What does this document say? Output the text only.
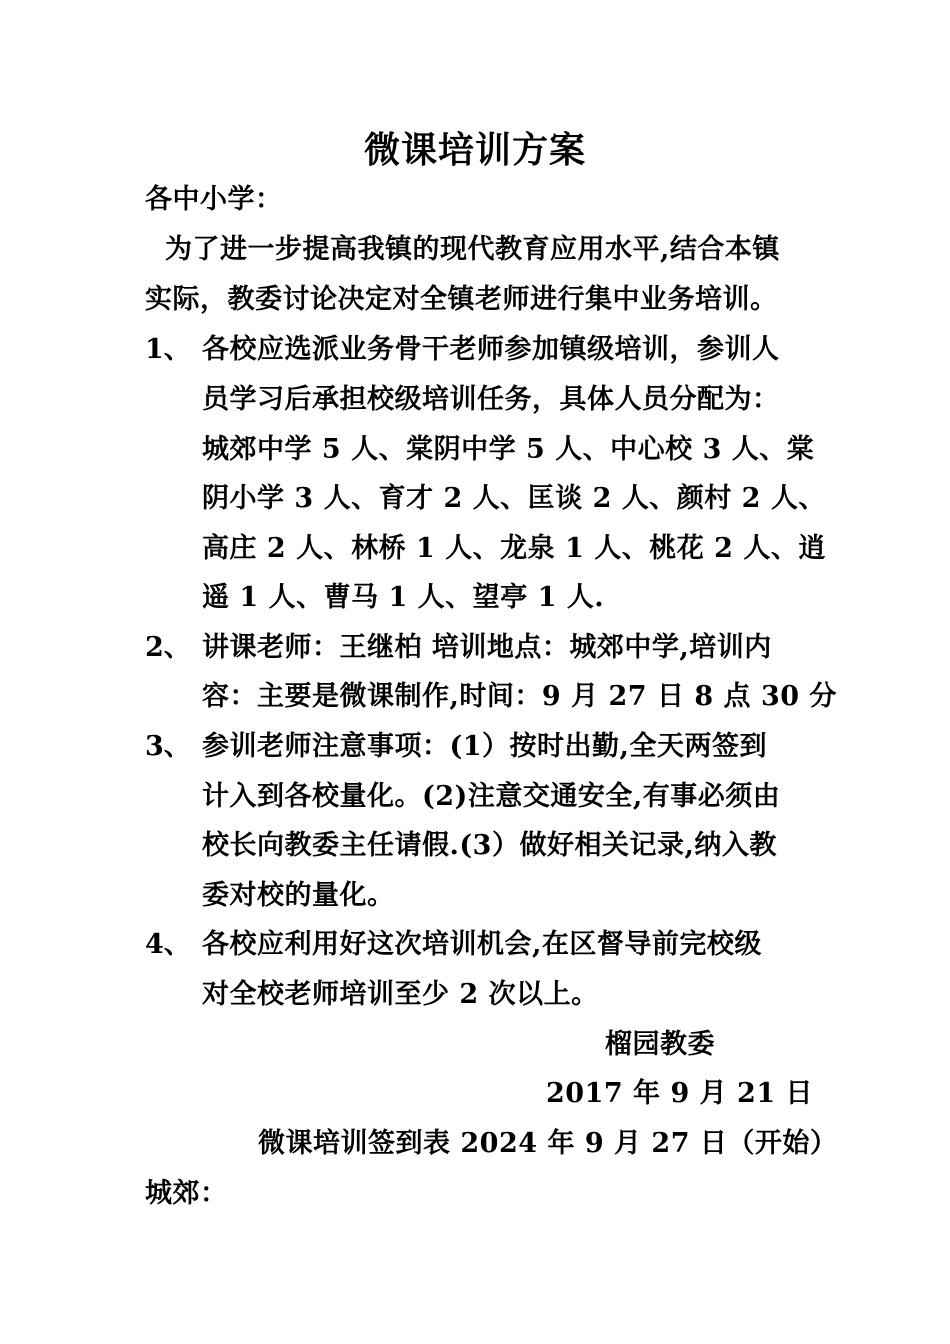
微课培训方案
各中小学：
为了进一步提高我镇的现代教育应用水平,结合本镇
实际，教委讨论决定对全镇老师进行集中业务培训。
1、 各校应选派业务骨干老师参加镇级培训，参训人
员学习后承担校级培训任务，具体人员分配为：
城郊中学 5 人、棠阴中学 5 人、中心校 3 人、棠
阴小学 3 人、育才 2 人、匡谈 2 人、颜村 2 人、
高庄 2 人、林桥 1 人、龙泉 1 人、桃花 2 人、逍
遥 1 人、曹马 1 人、望亭 1 人.
2、 讲课老师：王继柏 培训地点：城郊中学,培训内
容：主要是微课制作,时间：9 月 27 日 8 点 30 分
3、 参训老师注意事项：(1）按时出勤,全天两签到
计入到各校量化。(2)注意交通安全,有事必须由
校长向教委主任请假.(3）做好相关记录,纳入教
委对校的量化。
4、 各校应利用好这次培训机会,在区督导前完校级
对全校老师培训至少 2 次以上。
榴园教委
2017 年 9 月 21 日
微课培训签到表 2024 年 9 月 27 日（开始）
城郊：
